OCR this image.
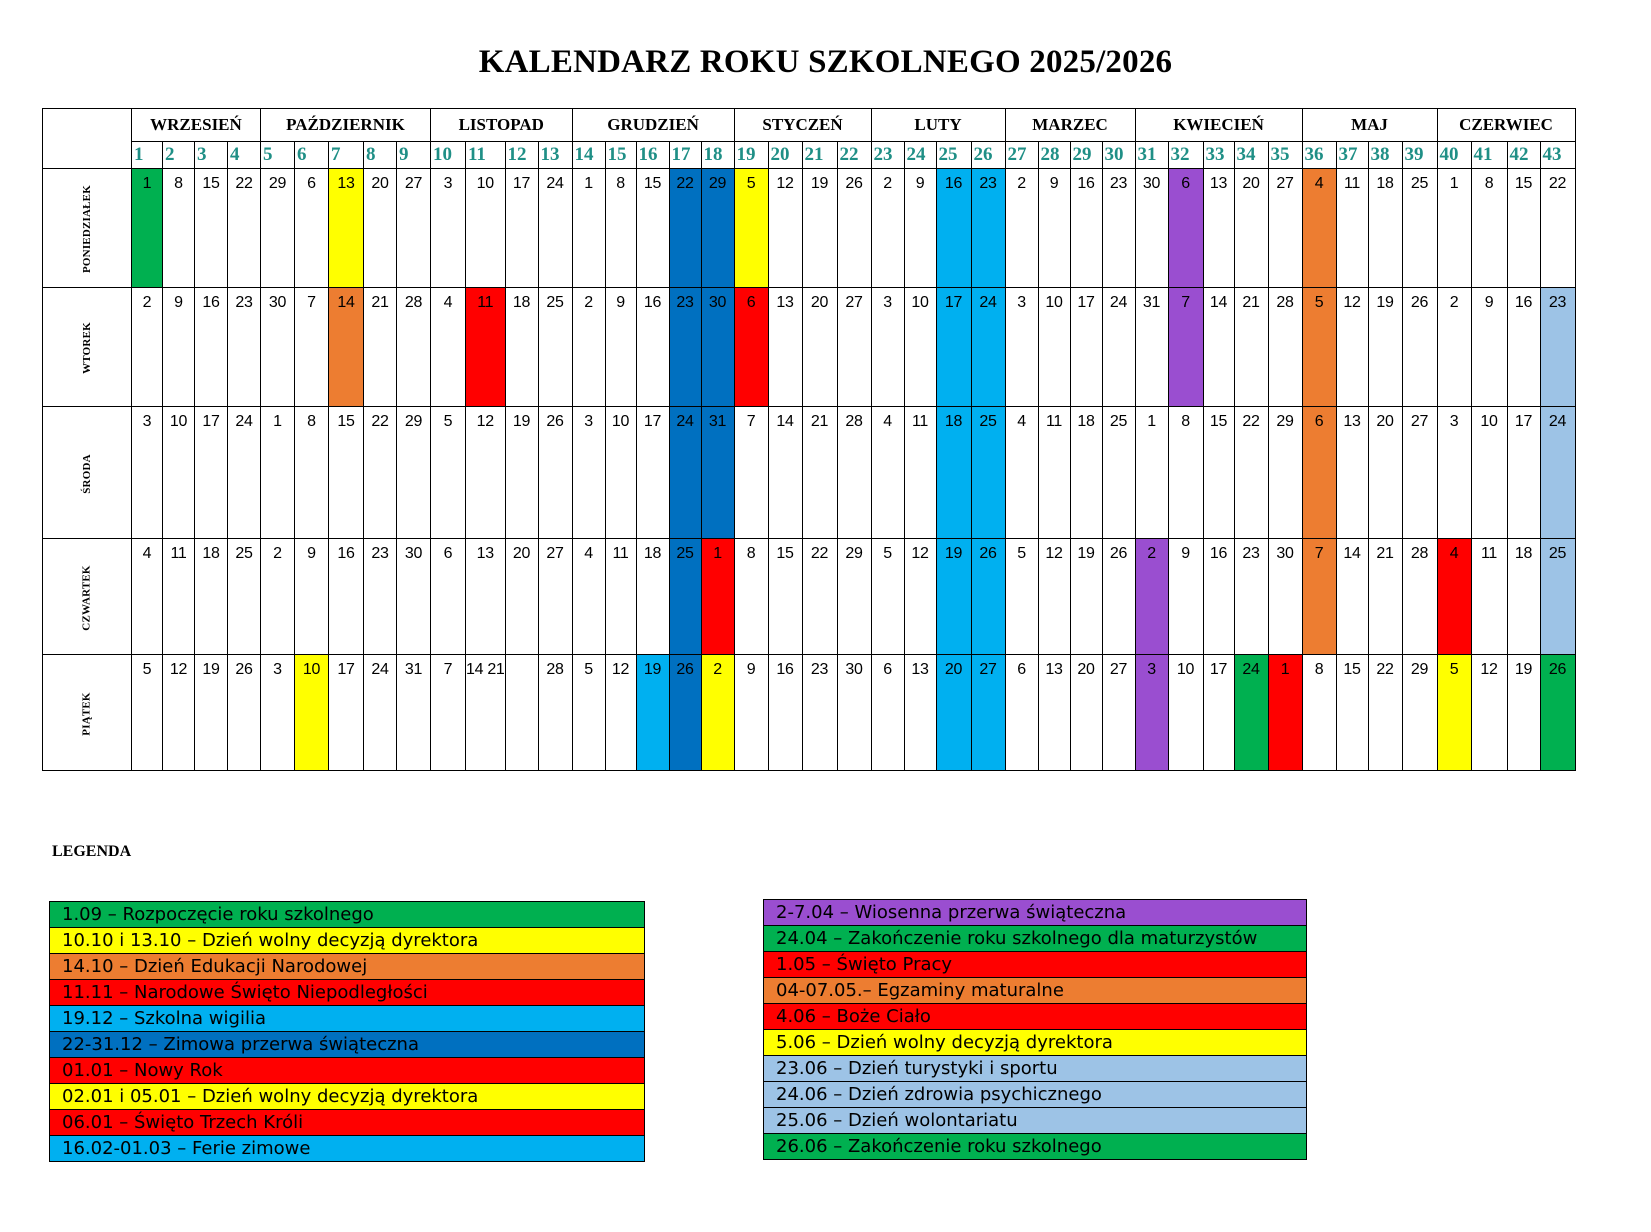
KALENDARZ ROKU SZKOLNEGO 2025/2026
	WRZESIEŃ				PAŹDZIERNIK					LISTOPAD				GRUDZIEŃ					STYCZEŃ				LUTY				MARZEC				KWIECIEŃ					MAJ				CZERWIEC			
	1	2	3	4	5	6	7	8	9	10	11	12	13	14	15	16	17	18	19	20	21	22	23	24	25	26	27	28	29	30	31	32	33	34	35	36	37	38	39	40	41	42	43
PONIEDZIAŁEK	1	8	15	22	29	6	13	20	27	3	10	17	24	1	8	15	22	29	5	12	19	26	2	9	16	23	2	9	16	23	30	6	13	20	27	4	11	18	25	1	8	15	22
WTOREK	2	9	16	23	30	7	14	21	28	4	11	18	25	2	9	16	23	30	6	13	20	27	3	10	17	24	3	10	17	24	31	7	14	21	28	5	12	19	26	2	9	16	23
ŚRODA	3	10	17	24	1	8	15	22	29	5	12	19	26	3	10	17	24	31	7	14	21	28	4	11	18	25	4	11	18	25	1	8	15	22	29	6	13	20	27	3	10	17	24
CZWARTEK	4	11	18	25	2	9	16	23	30	6	13	20	27	4	11	18	25	1	8	15	22	29	5	12	19	26	5	12	19	26	2	9	16	23	30	7	14	21	28	4	11	18	25
PIĄTEK	5	12	19	26	3	10	17	24	31	7	14 21		28	5	12	19	26	2	9	16	23	30	6	13	20	27	6	13	20	27	3	10	17	24	1	8	15	22	29	5	12	19	26
LEGENDA
1.09 – Rozpoczęcie roku szkolnego
10.10 i 13.10 – Dzień wolny decyzją dyrektora
14.10 – Dzień Edukacji Narodowej
11.11 – Narodowe Święto Niepodległości
19.12 – Szkolna wigilia
22-31.12 – Zimowa przerwa świąteczna
01.01 – Nowy Rok
02.01 i 05.01 – Dzień wolny decyzją dyrektora
06.01 – Święto Trzech Króli
16.02-01.03 – Ferie zimowe
2-7.04 – Wiosenna przerwa świąteczna
24.04 – Zakończenie roku szkolnego dla maturzystów
1.05 – Święto Pracy
04-07.05.– Egzaminy maturalne
4.06 – Boże Ciało
5.06 – Dzień wolny decyzją dyrektora
23.06 – Dzień turystyki i sportu
24.06 – Dzień zdrowia psychicznego
25.06 – Dzień wolontariatu
26.06 – Zakończenie roku szkolnego
